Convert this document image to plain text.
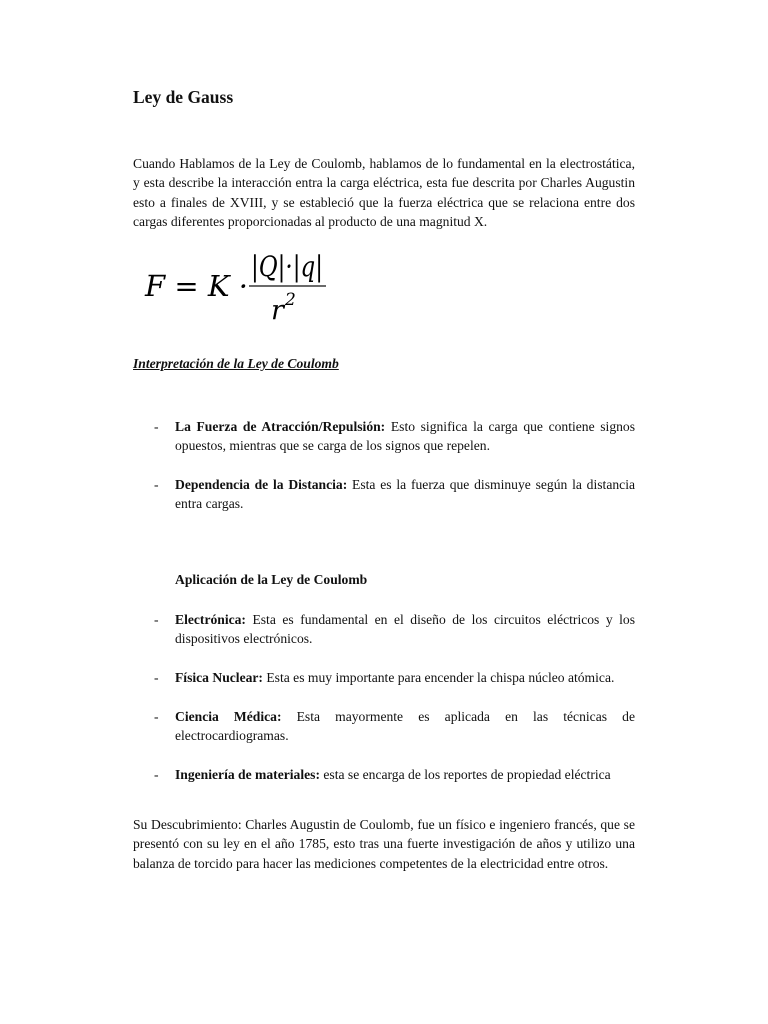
Ley de Gauss

Cuando Hablamos de la Ley de Coulomb, hablamos de lo fundamental en la electrostática, y esta describe la interacción entra la carga eléctrica, esta fue descrita por Charles Augustin esto a finales de XVIII, y se estableció que la fuerza eléctrica que se relaciona entre dos cargas diferentes proporcionadas al producto de una magnitud X.

F = K ·
|Q|·|q|
r 2

Interpretación de la Ley de Coulomb

- La Fuerza de Atracción/Repulsión: Esto significa la carga que contiene signos opuestos, mientras que se carga de los signos que repelen.
- Dependencia de la Distancia: Esta es la fuerza que disminuye según la distancia entra cargas.

Aplicación de la Ley de Coulomb

- Electrónica: Esta es fundamental en el diseño de los circuitos eléctricos y los dispositivos electrónicos.
- Física Nuclear: Esta es muy importante para encender la chispa núcleo atómica.
- Ciencia Médica: Esta mayormente es aplicada en las técnicas de electrocardiogramas.
- Ingeniería de materiales: esta se encarga de los reportes de propiedad eléctrica

Su Descubrimiento: Charles Augustin de Coulomb, fue un físico e ingeniero francés, que se presentó con su ley en el año 1785, esto tras una fuerte investigación de años y utilizo una balanza de torcido para hacer las mediciones competentes de la electricidad entre otros.
